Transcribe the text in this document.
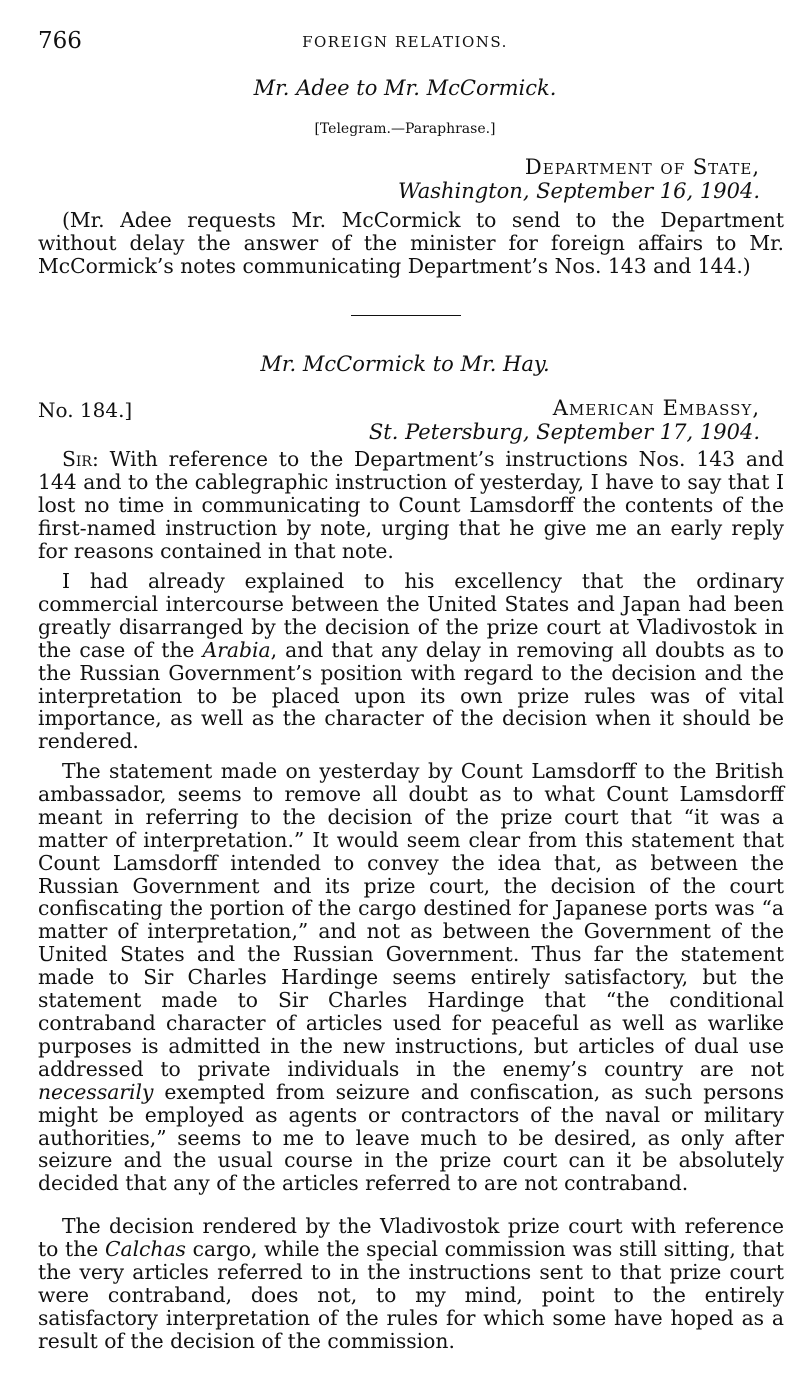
766	FOREIGN RELATIONS.
Mr. Adee to Mr. McCormick.
[Telegram.—Paraphrase.]
Department of State,
Washington, September 16, 1904.
(Mr. Adee requests Mr. McCormick to send to the Department without delay the answer of the minister for foreign affairs to Mr. McCormick’s notes communicating Department’s Nos. 143 and 144.)
Mr. McCormick to Mr. Hay.
No. 184.]	American Embassy,
St. Petersburg, September 17, 1904.
Sir: With reference to the Department’s instructions Nos. 143 and 144 and to the cablegraphic instruction of yesterday, I have to say that I lost no time in communicating to Count Lamsdorff the contents of the first-named instruction by note, urging that he give me an early reply for reasons contained in that note.
I had already explained to his excellency that the ordinary commercial intercourse between the United States and Japan had been greatly disarranged by the decision of the prize court at Vladivostok in the case of the Arabia, and that any delay in removing all doubts as to the Russian Government’s position with regard to the decision and the interpretation to be placed upon its own prize rules was of vital importance, as well as the character of the decision when it should be rendered.
The statement made on yesterday by Count Lamsdorff to the British ambassador, seems to remove all doubt as to what Count Lamsdorff meant in referring to the decision of the prize court that “it was a matter of interpretation.” It would seem clear from this statement that Count Lamsdorff intended to convey the idea that, as between the Russian Government and its prize court, the decision of the court confiscating the portion of the cargo destined for Japanese ports was “a matter of interpretation,” and not as between the Government of the United States and the Russian Government. Thus far the statement made to Sir Charles Hardinge seems entirely satisfactory, but the statement made to Sir Charles Hardinge that “the conditional contraband character of articles used for peaceful as well as warlike purposes is admitted in the new instructions, but articles of dual use addressed to private individuals in the enemy’s country are not necessarily exempted from seizure and confiscation, as such persons might be employed as agents or contractors of the naval or military authorities,” seems to me to leave much to be desired, as only after seizure and the usual course in the prize court can it be absolutely decided that any of the articles referred to are not contraband.
The decision rendered by the Vladivostok prize court with reference to the Calchas cargo, while the special commission was still sitting, that the very articles referred to in the instructions sent to that prize court were contraband, does not, to my mind, point to the entirely satisfactory interpretation of the rules for which some have hoped as a result of the decision of the commission.
